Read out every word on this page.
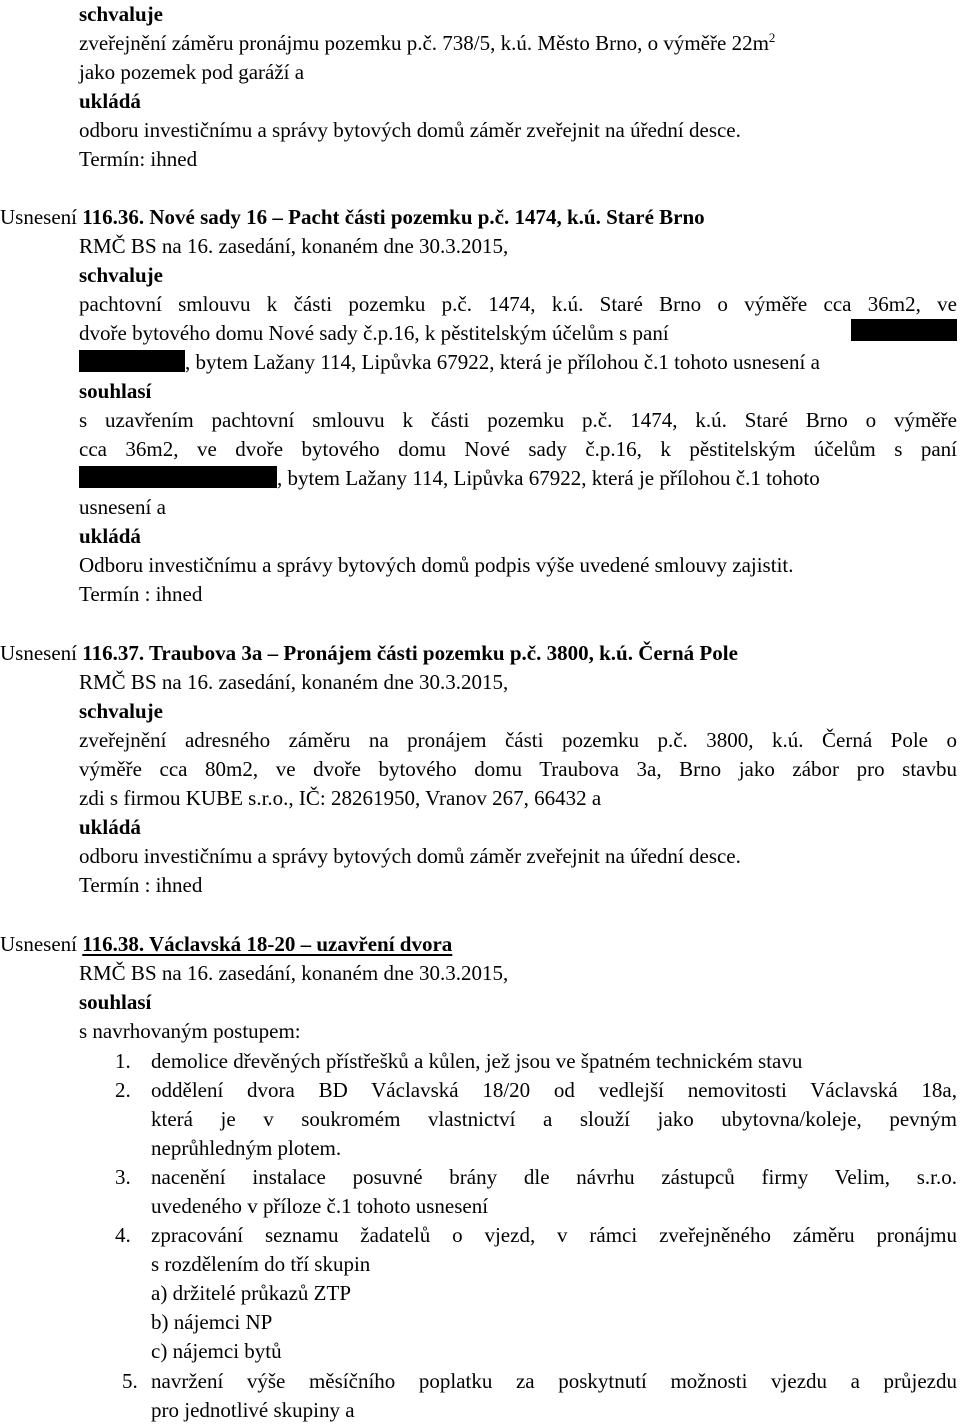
schvaluje
zveřejnění záměru pronájmu pozemku p.č. 738/5, k.ú. Město Brno, o výměře $22m^2$
jako pozemek pod garáží a
ukládá
odboru investičnímu a správy bytových domů záměr zveřejnit na úřední desce.
Termín: ihned
Usnesení 116.36. Nové sady 16 – Pacht části pozemku p.č. 1474, k.ú. Staré Brno
RMČ BS na 16. zasedání, konaném dne 30.3.2015,
schvaluje
pachtovní smlouvu k části pozemku p.č. 1474, k.ú. Staré Brno o výměře cca 36m2, ve
dvoře bytového domu Nové sady č.p.16, k pěstitelským účelům s paní
, bytem Lažany 114, Lipůvka 67922, která je přílohou č.1 tohoto usnesení a
souhlasí
s uzavřením pachtovní smlouvu k části pozemku p.č. 1474, k.ú. Staré Brno o výměře
cca 36m2, ve dvoře bytového domu Nové sady č.p.16, k pěstitelským účelům s paní
, bytem Lažany 114, Lipůvka 67922, která je přílohou č.1 tohoto
usnesení a
ukládá
Odboru investičnímu a správy bytových domů podpis výše uvedené smlouvy zajistit.
Termín : ihned
Usnesení 116.37. Traubova 3a – Pronájem části pozemku p.č. 3800, k.ú. Černá Pole
RMČ BS na 16. zasedání, konaném dne 30.3.2015,
schvaluje
zveřejnění adresného záměru na pronájem části pozemku p.č. 3800, k.ú. Černá Pole o
výměře cca 80m2, ve dvoře bytového domu Traubova 3a, Brno jako zábor pro stavbu
zdi s firmou KUBE s.r.o., IČ: 28261950, Vranov 267, 66432 a
ukládá
odboru investičnímu a správy bytových domů záměr zveřejnit na úřední desce.
Termín : ihned
Usnesení 116.38. Václavská 18-20 – uzavření dvora
RMČ BS na 16. zasedání, konaném dne 30.3.2015,
souhlasí
s navrhovaným postupem:
1. demolice dřevěných přístřešků a kůlen, jež jsou ve špatném technickém stavu
2. oddělení dvora BD Václavská 18/20 od vedlejší nemovitosti Václavská 18a,
která je v soukromém vlastnictví a slouží jako ubytovna/koleje, pevným
neprůhledným plotem.
3. nacenění instalace posuvné brány dle návrhu zástupců firmy Velim, s.r.o.
uvedeného v příloze č.1 tohoto usnesení
4. zpracování seznamu žadatelů o vjezd, v rámci zveřejněného záměru pronájmu
s rozdělením do tří skupin
a) držitelé průkazů ZTP
b) nájemci NP
c) nájemci bytů
5. navržení výše měsíčního poplatku za poskytnutí možnosti vjezdu a průjezdu
pro jednotlivé skupiny a
